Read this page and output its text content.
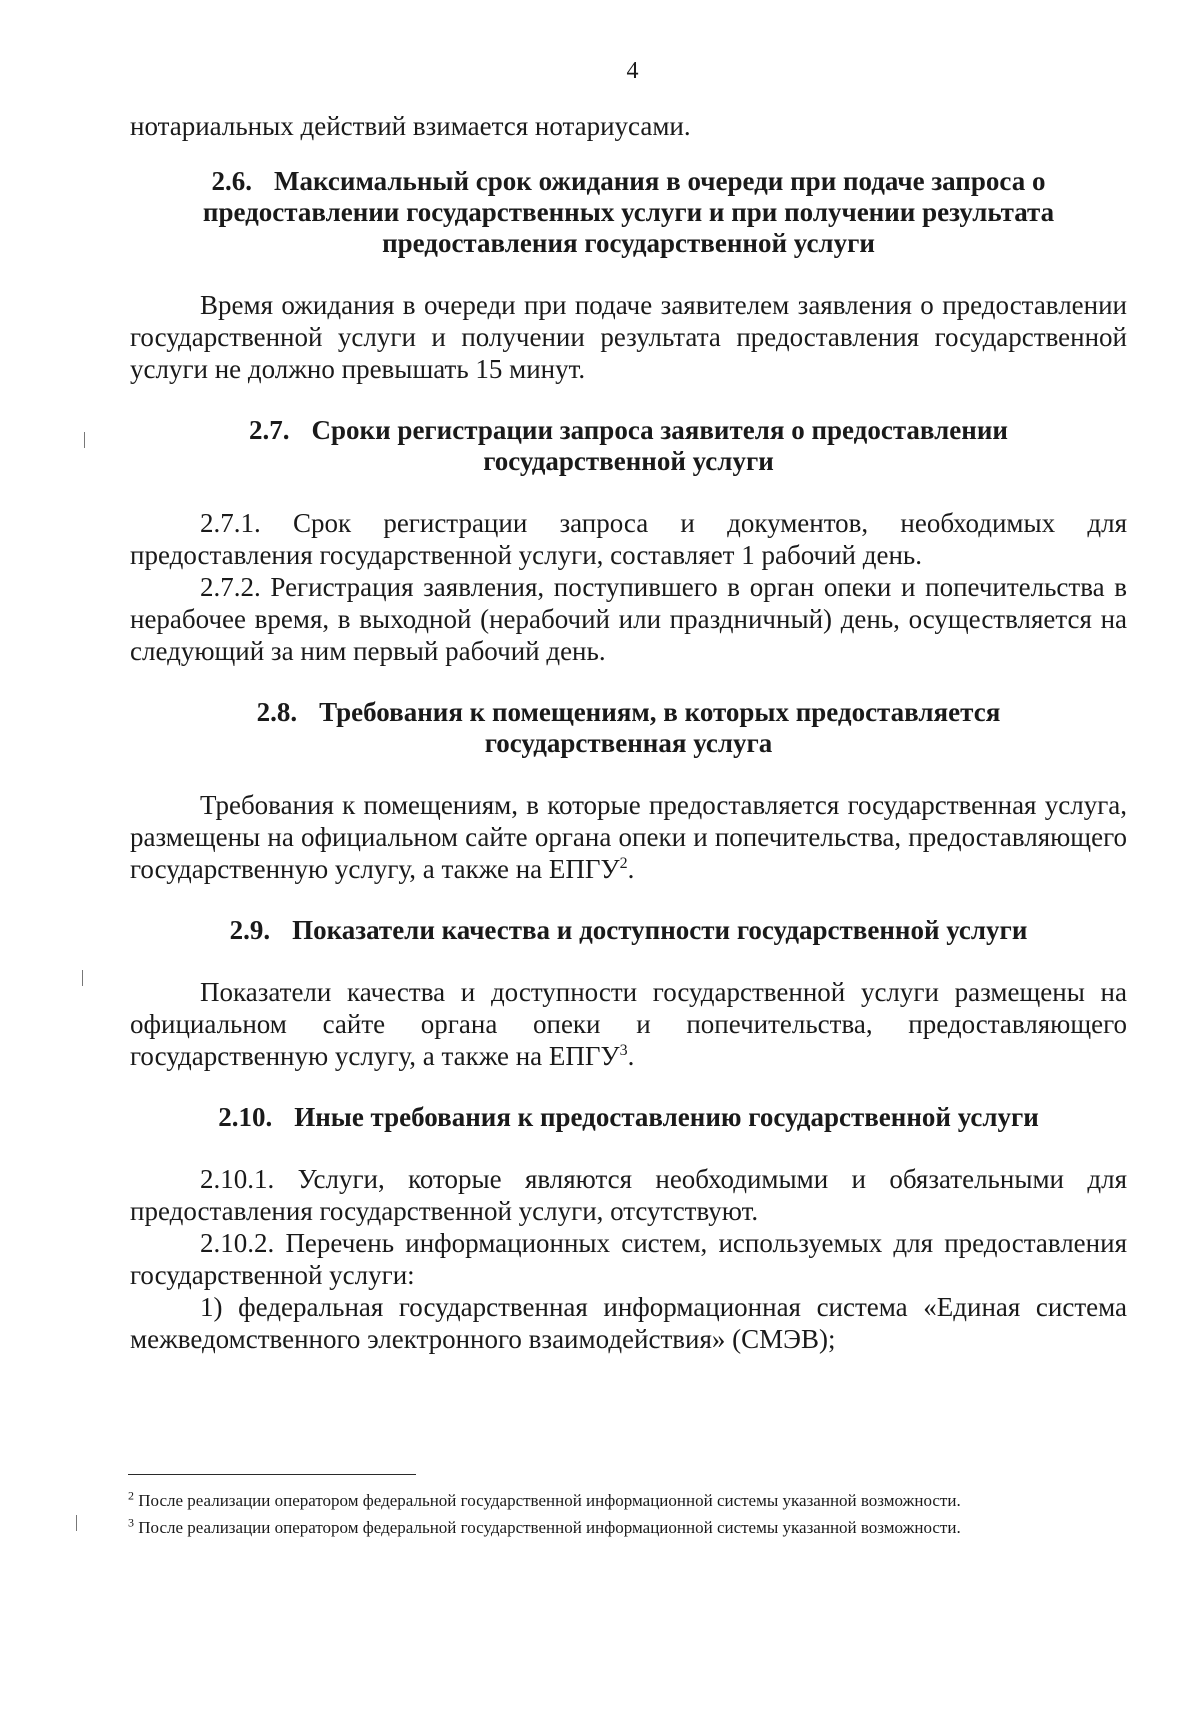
4

нотариальных действий взимается нотариусами.

2.6. Максимальный срок ожидания в очереди при подаче запроса о

предоставлении государственных услуги и при получении результата

предоставления государственной услуги

Время ожидания в очереди при подаче заявителем заявления о предоставлении государственной услуги и получении результата предоставления государственной услуги не должно превышать 15 минут.

2.7. Сроки регистрации запроса заявителя о предоставлении

государственной услуги

2.7.1. Срок регистрации запроса и документов, необходимых для предоставления государственной услуги, составляет 1 рабочий день.

2.7.2. Регистрация заявления, поступившего в орган опеки и попечительства в нерабочее время, в выходной (нерабочий или праздничный) день, осуществляется на следующий за ним первый рабочий день.

2.8. Требования к помещениям, в которых предоставляется

государственная услуга

Требования к помещениям, в которые предоставляется государственная услуга, размещены на официальном сайте органа опеки и попечительства, предоставляющего государственную услугу, а также на ЕПГУ$^2$.

2.9. Показатели качества и доступности государственной услуги

Показатели качества и доступности государственной услуги размещены на официальном сайте органа опеки и попечительства, предоставляющего государственную услугу, а также на ЕПГУ$^3$.

2.10. Иные требования к предоставлению государственной услуги

2.10.1. Услуги, которые являются необходимыми и обязательными для предоставления государственной услуги, отсутствуют.

2.10.2. Перечень информационных систем, используемых для предоставления государственной услуги:

1) федеральная государственная информационная система «Единая система межведомственного электронного взаимодействия» (СМЭВ);

$^2$ После реализации оператором федеральной государственной информационной системы указанной возможности.

$^3$ После реализации оператором федеральной государственной информационной системы указанной возможности.
